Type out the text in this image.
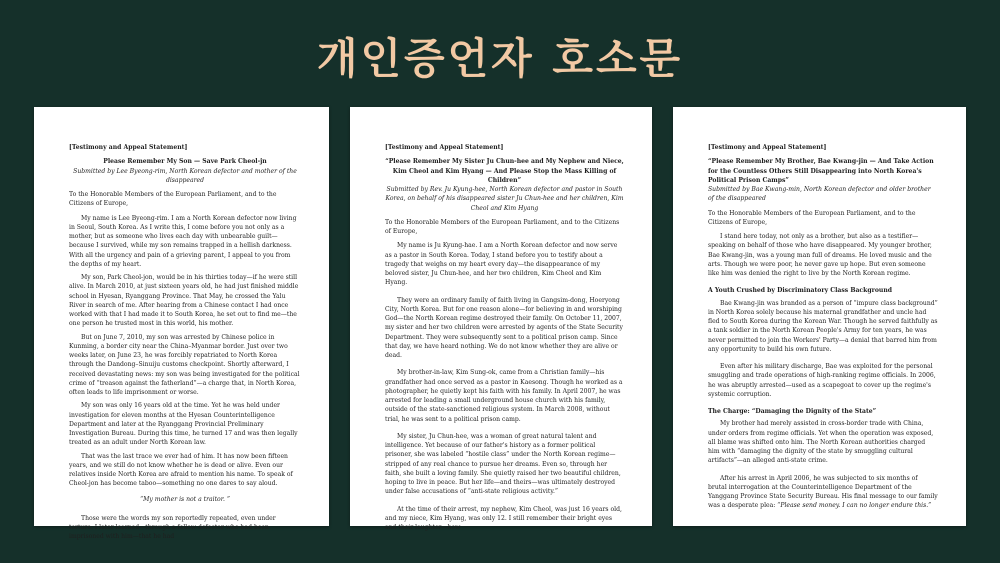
개인증언자 호소문

[Testimony and Appeal Statement]

Please Remember My Son — Save Park Cheol-jn

Submitted by Lee Byeong-rim, North Korean defector and mother of the disappeared

To the Honorable Members of the European Parliament, and to the Citizens of Europe,

My name is Lee Byeong-rim. I am a North Korean defector now living in Seoul, South Korea. As I write this, I come before you not only as a mother, but as someone who lives each day with unbearable guilt—because I survived, while my son remains trapped in a hellish darkness. With all the urgency and pain of a grieving parent, I appeal to you from the depths of my heart.

My son, Park Cheol-jon, would be in his thirties today—if he were still alive. In March 2010, at just sixteen years old, he had just finished middle school in Hyesan, Ryanggang Province. That May, he crossed the Yalu River in search of me. After hearing from a Chinese contact I had once worked with that I had made it to South Korea, he set out to find me—the one person he trusted most in this world, his mother.

But on June 7, 2010, my son was arrested by Chinese police in Kunming, a border city near the China–Myanmar border. Just over two weeks later, on June 23, he was forcibly repatriated to North Korea through the Dandong–Sinuiju customs checkpoint. Shortly afterward, I received devastating news: my son was being investigated for the political crime of “treason against the fatherland”—a charge that, in North Korea, often leads to life imprisonment or worse.

My son was only 16 years old at the time. Yet he was held under investigation for eleven months at the Hyesan Counterintelligence Department and later at the Ryanggang Provincial Preliminary Investigation Bureau. During this time, he turned 17 and was then legally treated as an adult under North Korean law.

That was the last trace we ever had of him. It has now been fifteen years, and we still do not know whether he is dead or alive. Even our relatives inside North Korea are afraid to mention his name. To speak of Cheol-jon has become taboo—something no one dares to say aloud.

“My mother is not a traitor. ”

Those were the words my son reportedly repeated, even under torture. I later learned—through a fellow defector who had been imprisoned with him—that he had

[Testimony and Appeal Statement]

“Please Remember My Sister Ju Chun-hee and My Nephew and Niece, Kim Cheol and Kim Hyang — And Please Stop the Mass Killing of Children”

Submitted by Rev. Ju Kyung-hee, North Korean defector and pastor in South Korea, on behalf of his disappeared sister Ju Chun-hee and her children, Kim Cheol and Kim Hyang

To the Honorable Members of the European Parliament, and to the Citizens of Europe,

My name is Ju Kyung-hae. I am a North Korean defector and now serve as a pastor in South Korea. Today, I stand before you to testify about a tragedy that weighs on my heart every day—the disappearance of my beloved sister, Ju Chun-hee, and her two children, Kim Cheol and Kim Hyang.

They were an ordinary family of faith living in Gangsim-dong, Hoeryong City, North Korea. But for one reason alone—for believing in and worshiping God—the North Korean regime destroyed their family. On October 11, 2007, my sister and her two children were arrested by agents of the State Security Department. They were subsequently sent to a political prison camp. Since that day, we have heard nothing. We do not know whether they are alive or dead.

My brother-in-law, Kim Sung-ok, came from a Christian family—his grandfather had once served as a pastor in Kaesong. Though he worked as a photographer, he quietly kept his faith with his family. In April 2007, he was arrested for leading a small underground house church with his family, outside of the state-sanctioned religious system. In March 2008, without trial, he was sent to a political prison camp.

My sister, Ju Chun-hee, was a woman of great natural talent and intelligence. Yet because of our father's history as a former political prisoner, she was labeled “hostile class” under the North Korean regime—stripped of any real chance to pursue her dreams. Even so, through her faith, she built a loving family. She quietly raised her two beautiful children, hoping to live in peace. But her life—and theirs—was ultimately destroyed under false accusations of “anti-state religious activity.”

At the time of their arrest, my nephew, Kim Cheol, was just 16 years old, and my niece, Kim Hyang, was only 12. I still remember their bright eyes and their laughter—how

[Testimony and Appeal Statement]

“Please Remember My Brother, Bae Kwang-jin — And Take Action for the Countless Others Still Disappearing into North Korea's Political Prison Camps”

Submitted by Bae Kwang-min, North Korean defector and older brother of the disappeared

To the Honorable Members of the European Parliament, and to the Citizens of Europe,

I stand here today, not only as a brother, but also as a testifier—speaking on behalf of those who have disappeared. My younger brother, Bae Kwang-jin, was a young man full of dreams. He loved music and the arts. Though we were poor, he never gave up hope. But even someone like him was denied the right to live by the North Korean regime.

A Youth Crushed by Discriminatory Class Background

Bae Kwang-jin was branded as a person of “impure class background” in North Korea solely because his maternal grandfather and uncle had fled to South Korea during the Korean War. Though he served faithfully as a tank soldier in the North Korean People's Army for ten years, he was never permitted to join the Workers' Party—a denial that barred him from any opportunity to build his own future.

Even after his military discharge, Bae was exploited for the personal smuggling and trade operations of high-ranking regime officials. In 2006, he was abruptly arrested—used as a scapegoat to cover up the regime's systemic corruption.

The Charge: “Damaging the Dignity of the State”

My brother had merely assisted in cross-border trade with China, under orders from regime officials. Yet when the operation was exposed, all blame was shifted onto him. The North Korean authorities charged him with “damaging the dignity of the state by smuggling cultural artifacts”—an alleged anti-state crime.

After his arrest in April 2006, he was subjected to six months of brutal interrogation at the Counterintelligence Department of the Yanggang Province State Security Bureau. His final message to our family was a desperate plea: “Please send money. I can no longer endure this.”
